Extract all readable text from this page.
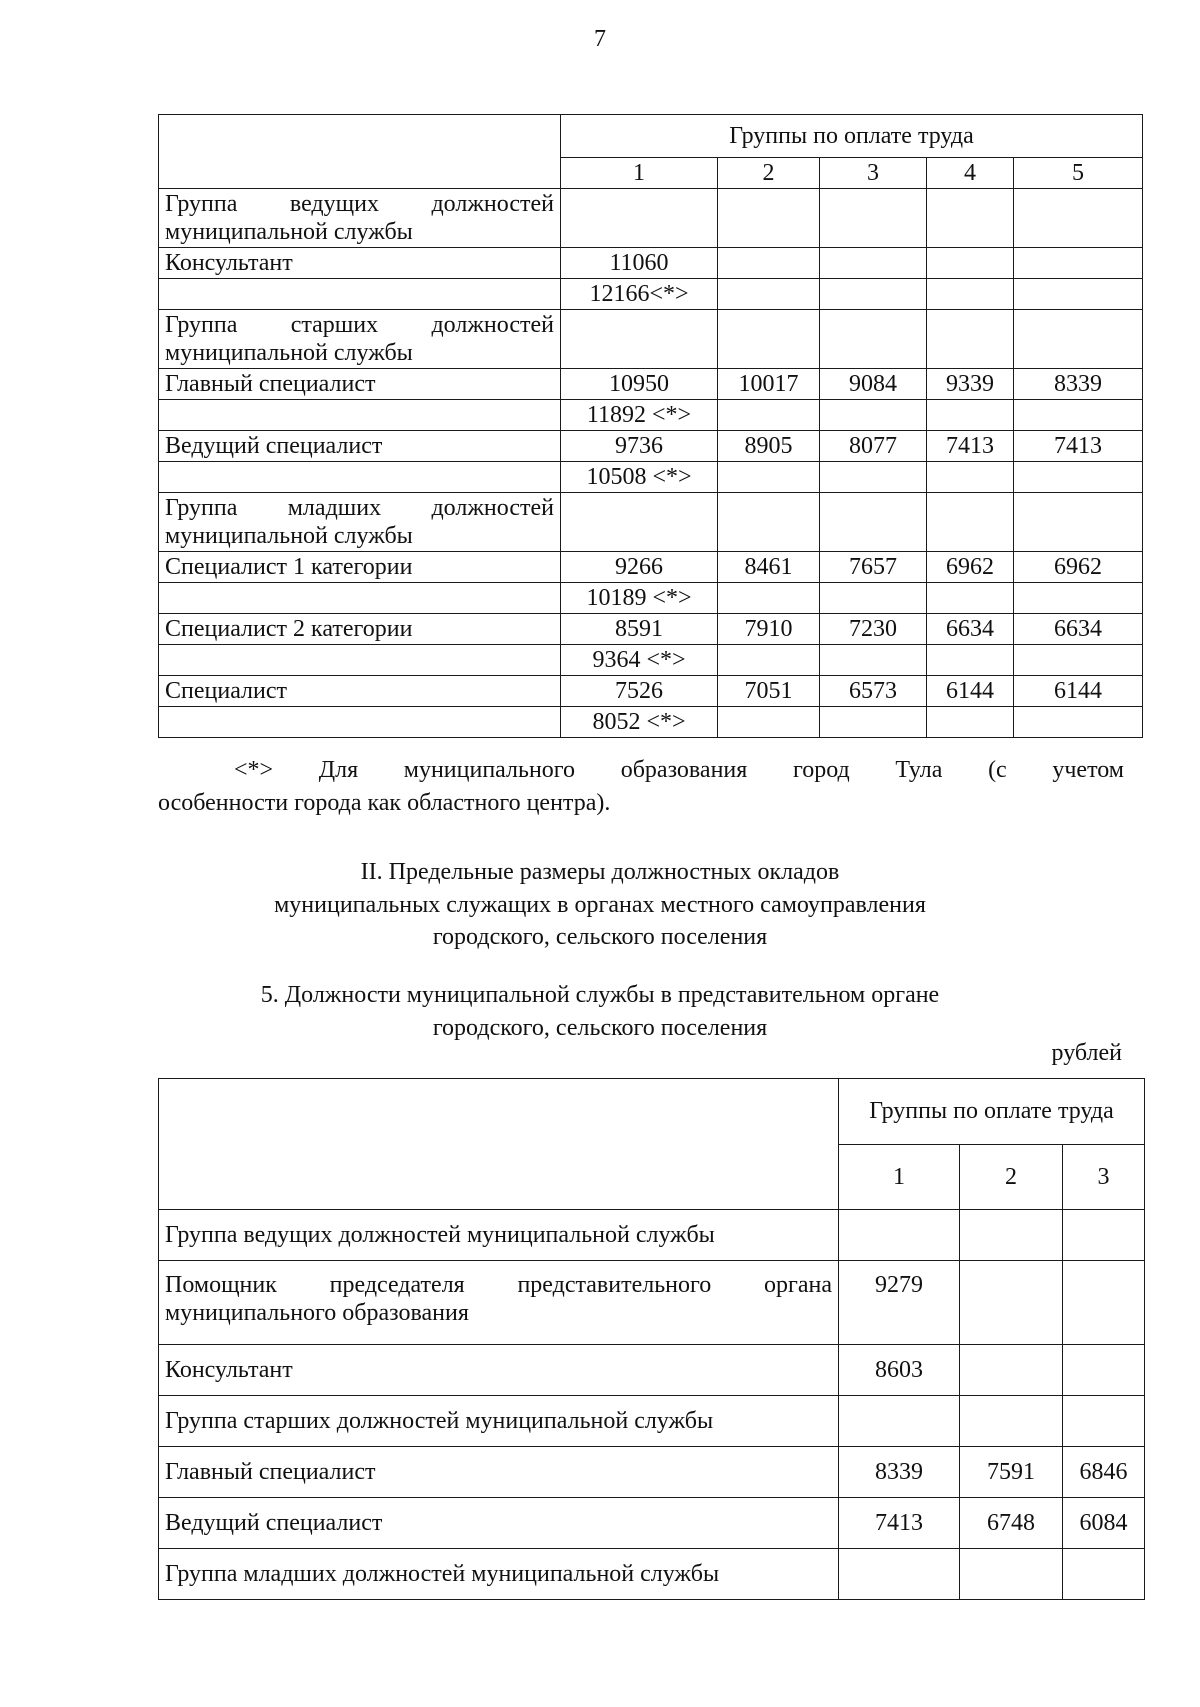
7
	Группы по оплате труда				
	1	2	3	4	5
Группа ведущих должностей муниципальной службы					
Консультант	11060				
	12166<*>				
Группа старших должностей муниципальной службы					
Главный специалист	10950	10017	9084	9339	8339
	11892 <*>				
Ведущий специалист	9736	8905	8077	7413	7413
	10508 <*>				
Группа младших должностей муниципальной службы					
Специалист 1 категории	9266	8461	7657	6962	6962
	10189 <*>				
Специалист 2 категории	8591	7910	7230	6634	6634
	9364 <*>				
Специалист	7526	7051	6573	6144	6144
	8052 <*>				
<*> Для муниципального образования город Тула (с учетом
особенности города как областного центра).
II. Предельные размеры должностных окладов
муниципальных служащих в органах местного самоуправления
городского, сельского поселения
5. Должности муниципальной службы в представительном органе
городского, сельского поселения
рублей
	Группы по оплате труда		
	1	2	3
Группа ведущих должностей муниципальной службы			
Помощник председателя представительного органа муниципального образования	9279		
Консультант	8603		
Группа старших должностей муниципальной службы			
Главный специалист	8339	7591	6846
Ведущий специалист	7413	6748	6084
Группа младших должностей муниципальной службы			
